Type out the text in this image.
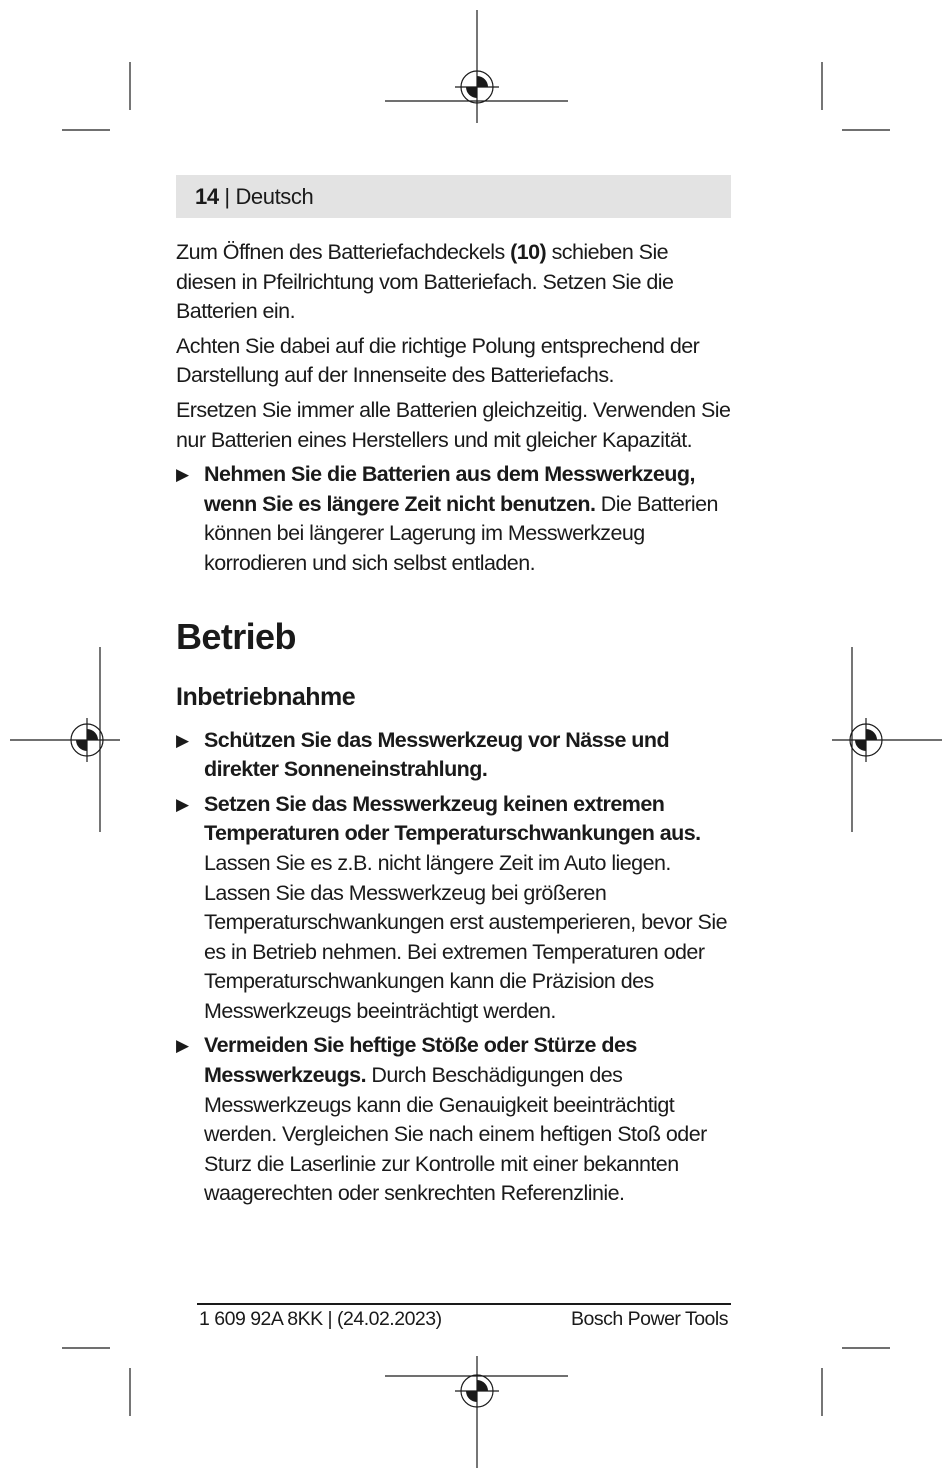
14 | Deutsch

Zum Öffnen des Batteriefachdeckels (10) schieben Sie diesen in Pfeilrichtung vom Batteriefach. Setzen Sie die Batterien ein.

Achten Sie dabei auf die richtige Polung entsprechend der Darstellung auf der Innenseite des Batteriefachs.

Ersetzen Sie immer alle Batterien gleichzeitig. Verwenden Sie nur Batterien eines Herstellers und mit gleicher Kapazität.

▶ Nehmen Sie die Batterien aus dem Messwerkzeug, wenn Sie es längere Zeit nicht benutzen. Die Batterien können bei längerer Lagerung im Messwerkzeug korrodieren und sich selbst entladen.
Betrieb
Inbetriebnahme
▶ Schützen Sie das Messwerkzeug vor Nässe und direkter Sonneneinstrahlung.
▶ Setzen Sie das Messwerkzeug keinen extremen Temperaturen oder Temperaturschwankungen aus. Lassen Sie es z.B. nicht längere Zeit im Auto liegen. Lassen Sie das Messwerkzeug bei größeren Temperaturschwankungen erst austemperieren, bevor Sie es in Betrieb nehmen. Bei extremen Temperaturen oder Temperaturschwankungen kann die Präzision des Messwerkzeugs beeinträchtigt werden.
▶ Vermeiden Sie heftige Stöße oder Stürze des Messwerkzeugs. Durch Beschädigungen des Messwerkzeugs kann die Genauigkeit beeinträchtigt werden. Vergleichen Sie nach einem heftigen Stoß oder Sturz die Laserlinie zur Kontrolle mit einer bekannten waagerechten oder senkrechten Referenzlinie.
1 609 92A 8KK | (24.02.2023)	Bosch Power Tools
